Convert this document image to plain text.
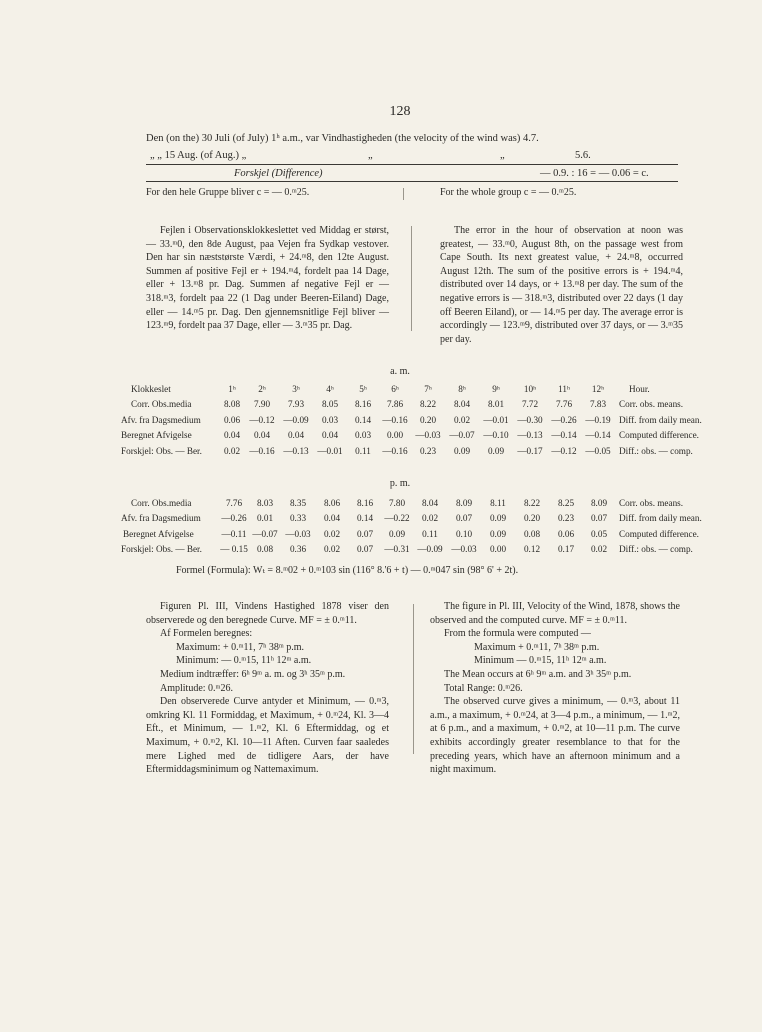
128
Den (on the) 30 Juli (of July) 1ʰ a.m., var Vindhastigheden (the velocity of the wind was) 4.7.
„ „ 15 Aug. (of Aug.) „	„	„	5.6.
Forskjel (Difference)	— 0.9. : 16 = — 0.06 = c.
For den hele Gruppe bliver c = — 0.ᵐ25.	For the whole group c = — 0.ᵐ25.

Fejlen i Observationsklokkeslettet ved Middag er størst, — 33.ᵐ0, den 8de August, paa Vejen fra Sydkap vestover. Den har sin næststørste Værdi, + 24.ᵐ8, den 12te August. Summen af positive Fejl er + 194.ᵐ4, fordelt paa 14 Dage, eller + 13.ᵐ8 pr. Dag. Summen af negative Fejl er — 318.ᵐ3, fordelt paa 22 (1 Dag under Beeren-Eiland) Dage, eller — 14.ᵐ5 pr. Dag. Den gjennemsnitlige Fejl bliver — 123.ᵐ9, fordelt paa 37 Dage, eller — 3.ᵐ35 pr. Dag.

The error in the hour of observation at noon was greatest, — 33.ᵐ0, August 8th, on the passage west from Cape South. Its next greatest value, + 24.ᵐ8, occurred August 12th. The sum of the positive errors is + 194.ᵐ4, distributed over 14 days, or + 13.ᵐ8 per day. The sum of the negative errors is — 318.ᵐ3, distributed over 22 days (1 day off Beeren Eiland), or — 14.ᵐ5 per day. The average error is accordingly — 123.ᵐ9, distributed over 37 days, or — 3.ᵐ35 per day.

a. m.
Klokkeslet	1ʰ	2ʰ	3ʰ	4ʰ	5ʰ	6ʰ	7ʰ	8ʰ	9ʰ	10ʰ	11ʰ	12ʰ	Hour.
Corr. Obs.media	8.08	7.90	7.93	8.05	8.16	7.86	8.22	8.04	8.01	7.72	7.76	7.83	Corr. obs. means.
Afv. fra Dagsmedium	0.06	—0.12	—0.09	0.03	0.14	—0.16	0.20	0.02	—0.01	—0.30	—0.26	—0.19	Diff. from daily mean.
Beregnet Afvigelse	0.04	0.04	0.04	0.04	0.03	0.00	—0.03	—0.07	—0.10	—0.13	—0.14	—0.14	Computed difference.
Forskjel: Obs. — Ber.	0.02	—0.16	—0.13	—0.01	0.11	—0.16	0.23	0.09	0.09	—0.17	—0.12	—0.05	Diff.: obs. — comp.
p. m.
Corr. Obs.media	7.76	8.03	8.35	8.06	8.16	7.80	8.04	8.09	8.11	8.22	8.25	8.09	Corr. obs. means.
Afv. fra Dagsmedium	—0.26	0.01	0.33	0.04	0.14	—0.22	0.02	0.07	0.09	0.20	0.23	0.07	Diff. from daily mean.
Beregnet Afvigelse	—0.11	—0.07	—0.03	0.02	0.07	0.09	0.11	0.10	0.09	0.08	0.06	0.05	Computed difference.
Forskjel: Obs. — Ber.	— 0.15	0.08	0.36	0.02	0.07	—0.31	—0.09	—0.03	0.00	0.12	0.17	0.02	Diff.: obs. — comp.
Formel (Formula): Wₜ = 8.ᵐ02 + 0.ᵐ103 sin (116° 8.'6 + t) — 0.ᵐ047 sin (98° 6' + 2t).

Figuren Pl. III, Vindens Hastighed 1878 viser den observerede og den beregnede Curve. MF = ± 0.ᵐ11.

Af Formelen beregnes:

Maximum: + 0.ᵐ11, 7ʰ 38ᵐ p.m.

Minimum: — 0.ᵐ15, 11ʰ 12ᵐ a.m.

Medium indtræffer: 6ʰ 9ᵐ a. m. og 3ʰ 35ᵐ p.m.

Amplitude: 0.ᵐ26.

Den observerede Curve antyder et Minimum, — 0.ᵐ3, omkring Kl. 11 Formiddag, et Maximum, + 0.ᵐ24, Kl. 3—4 Eft., et Minimum, — 1.ᵐ2, Kl. 6 Eftermiddag, og et Maximum, + 0.ᵐ2, Kl. 10—11 Aften. Curven faar saaledes mere Lighed med de tidligere Aars, der have Eftermiddagsminimum og Nattemaximum.

The figure in Pl. III, Velocity of the Wind, 1878, shows the observed and the computed curve. MF = ± 0.ᵐ11.

From the formula were computed —

Maximum + 0.ᵐ11, 7ʰ 38ᵐ p.m.

Minimum — 0.ᵐ15, 11ʰ 12ᵐ a.m.

The Mean occurs at 6ʰ 9ᵐ a.m. and 3ʰ 35ᵐ p.m.

Total Range: 0.ᵐ26.

The observed curve gives a minimum, — 0.ᵐ3, about 11 a.m., a maximum, + 0.ᵐ24, at 3—4 p.m., a minimum, — 1.ᵐ2, at 6 p.m., and a maximum, + 0.ᵐ2, at 10—11 p.m. The curve exhibits accordingly greater resemblance to that for the preceding years, which have an afternoon minimum and a night maximum.
